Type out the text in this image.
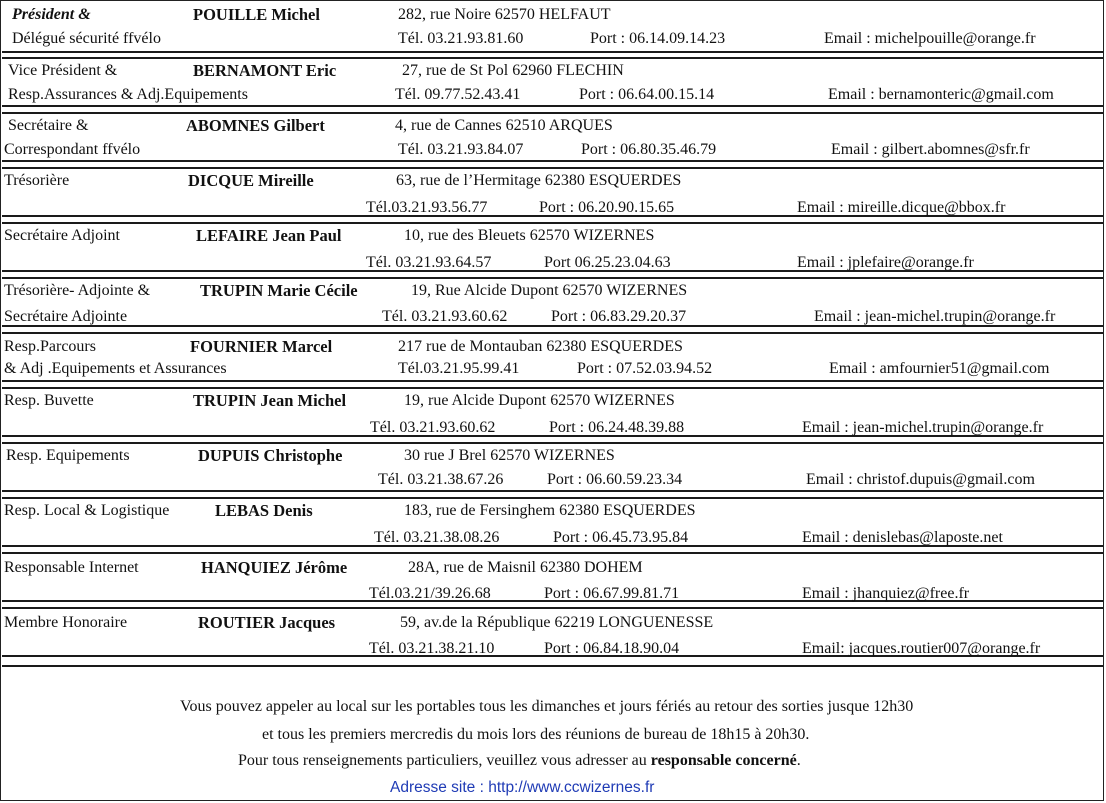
Président &
Délégué sécurité ffvélo
POUILLE Michel	282, rue Noire 62570 HELFAUT
Tél. 03.21.93.81.60	Port : 06.14.09.14.23	Email : michelpouille@orange.fr
Vice Président &
Resp.Assurances & Adj.Equipements
BERNAMONT Eric	27, rue de St Pol 62960 FLECHIN
Tél. 09.77.52.43.41	Port : 06.64.00.15.14	Email : bernamonteric@gmail.com
Secrétaire &
Correspondant ffvélo
ABOMNES Gilbert	4, rue de Cannes 62510 ARQUES
Tél. 03.21.93.84.07	Port : 06.80.35.46.79	Email : gilbert.abomnes@sfr.fr
Trésorière	DICQUE Mireille	63, rue de l’Hermitage 62380 ESQUERDES
Tél.03.21.93.56.77	Port : 06.20.90.15.65	Email : mireille.dicque@bbox.fr
Secrétaire Adjoint	LEFAIRE Jean Paul	10, rue des Bleuets 62570 WIZERNES
Tél. 03.21.93.64.57	Port 06.25.23.04.63	Email : jplefaire@orange.fr
Trésorière- Adjointe &
Secrétaire Adjointe
TRUPIN Marie Cécile	19, Rue Alcide Dupont 62570 WIZERNES
Tél. 03.21.93.60.62	Port : 06.83.29.20.37	Email : jean-michel.trupin@orange.fr
Resp.Parcours
& Adj .Equipements et Assurances
FOURNIER Marcel	217 rue de Montauban 62380 ESQUERDES
Tél.03.21.95.99.41	Port : 07.52.03.94.52	Email : amfournier51@gmail.com
Resp. Buvette	TRUPIN Jean Michel	19, rue Alcide Dupont 62570 WIZERNES
Tél. 03.21.93.60.62	Port : 06.24.48.39.88	Email : jean-michel.trupin@orange.fr
Resp. Equipements	DUPUIS Christophe	30 rue J Brel 62570 WIZERNES
Tél. 03.21.38.67.26	Port : 06.60.59.23.34	Email : christof.dupuis@gmail.com
Resp. Local & Logistique	LEBAS Denis	183, rue de Fersinghem 62380 ESQUERDES
Tél. 03.21.38.08.26	Port : 06.45.73.95.84	Email : denislebas@laposte.net
Responsable Internet	HANQUIEZ Jérôme	28A, rue de Maisnil 62380 DOHEM
Tél.03.21/39.26.68	Port : 06.67.99.81.71	Email : jhanquiez@free.fr
Membre Honoraire	ROUTIER Jacques	59, av.de la République 62219 LONGUENESSE
Tél. 03.21.38.21.10	Port : 06.84.18.90.04	Email: jacques.routier007@orange.fr
Vous pouvez appeler au local sur les portables tous les dimanches et jours fériés au retour des sorties jusque 12h30
et tous les premiers mercredis du mois lors des réunions de bureau de 18h15 à 20h30.
Pour tous renseignements particuliers, veuillez vous adresser au responsable concerné.
Adresse site : http://www.ccwizernes.fr
